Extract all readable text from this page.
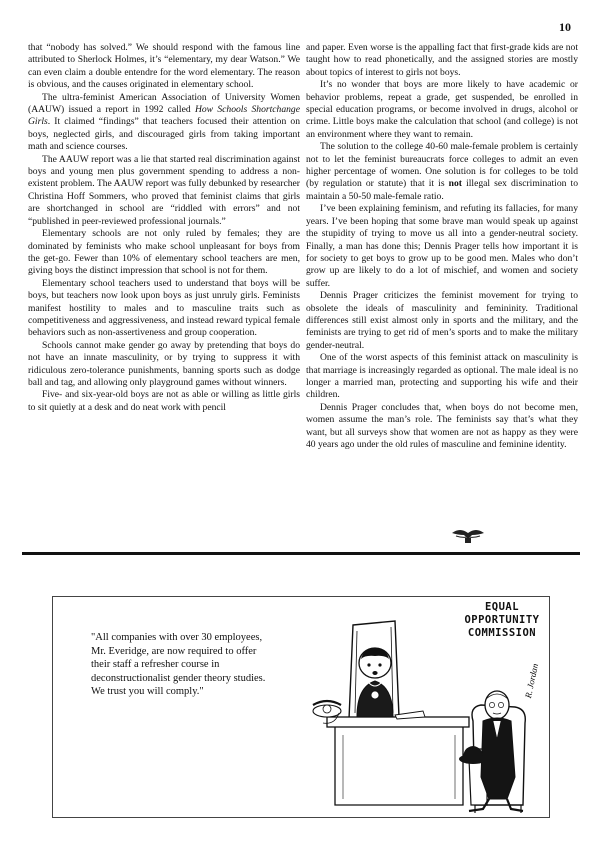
10

that “nobody has solved.” We should respond with the famous line attributed to Sherlock Holmes, it’s “elementary, my dear Watson.” We can even claim a double entendre for the word elementary. The reason is obvious, and the causes originated in elementary school.

The ultra-feminist American Association of University Women (AAUW) issued a report in 1992 called How Schools Shortchange Girls. It claimed “findings” that teachers focused their attention on boys, neglected girls, and discouraged girls from taking important math and science courses.

The AAUW report was a lie that started real discrimination against boys and young men plus government spending to address a non-existent problem. The AAUW report was fully debunked by researcher Christina Hoff Sommers, who proved that feminist claims that girls are shortchanged in school are “riddled with errors” and not “published in peer-reviewed professional journals.”

Elementary schools are not only ruled by females; they are dominated by feminists who make school unpleasant for boys from the get-go. Fewer than 10% of elementary school teachers are men, giving boys the distinct impression that school is not for them.

Elementary school teachers used to understand that boys will be boys, but teachers now look upon boys as just unruly girls. Feminists manifest hostility to males and to masculine traits such as competitiveness and aggressiveness, and instead reward typical female behaviors such as non-assertiveness and group cooperation.

Schools cannot make gender go away by pretending that boys do not have an innate masculinity, or by trying to suppress it with ridiculous zero-tolerance punishments, banning sports such as dodge ball and tag, and allowing only playground games without winners.

Five- and six-year-old boys are not as able or willing as little girls to sit quietly at a desk and do neat work with pencil

and paper. Even worse is the appalling fact that first-grade kids are not taught how to read phonetically, and the assigned stories are mostly about topics of interest to girls not boys.

It’s no wonder that boys are more likely to have academic or behavior problems, repeat a grade, get suspended, be enrolled in special education programs, or become involved in drugs, alcohol or crime. Little boys make the calculation that school (and college) is not an environment where they want to remain.

The solution to the college 40-60 male-female problem is certainly not to let the feminist bureaucrats force colleges to admit an even higher percentage of women. One solution is for colleges to be told (by regulation or statute) that it is not illegal sex discrimination to maintain a 50-50 male-female ratio.

I’ve been explaining feminism, and refuting its fallacies, for many years. I’ve been hoping that some brave man would speak up against the stupidity of trying to move us all into a gender-neutral society. Finally, a man has done this; Dennis Prager tells how important it is for society to get boys to grow up to be good men. Males who don’t grow up are likely to do a lot of mischief, and women and society suffer.

Dennis Prager criticizes the feminist movement for trying to obsolete the ideals of masculinity and femininity. Traditional differences still exist almost only in sports and the military, and the feminists are trying to get rid of men’s sports and to make the military gender-neutral.

One of the worst aspects of this feminist attack on masculinity is that marriage is increasingly regarded as optional. The male ideal is no longer a married man, protecting and supporting his wife and their children.

Dennis Prager concludes that, when boys do not become men, women assume the man’s role. The feminists say that’s what they want, but all surveys show that women are not as happy as they were 40 years ago under the old rules of masculine and feminine identity.

"All companies with over 30 employees, Mr. Everidge, are now required to offer their staff a refresher course in deconstructionalist gender theory studies. We trust you will comply."
EQUAL
OPPORTUNITY
COMMISSION
R. Jordan
